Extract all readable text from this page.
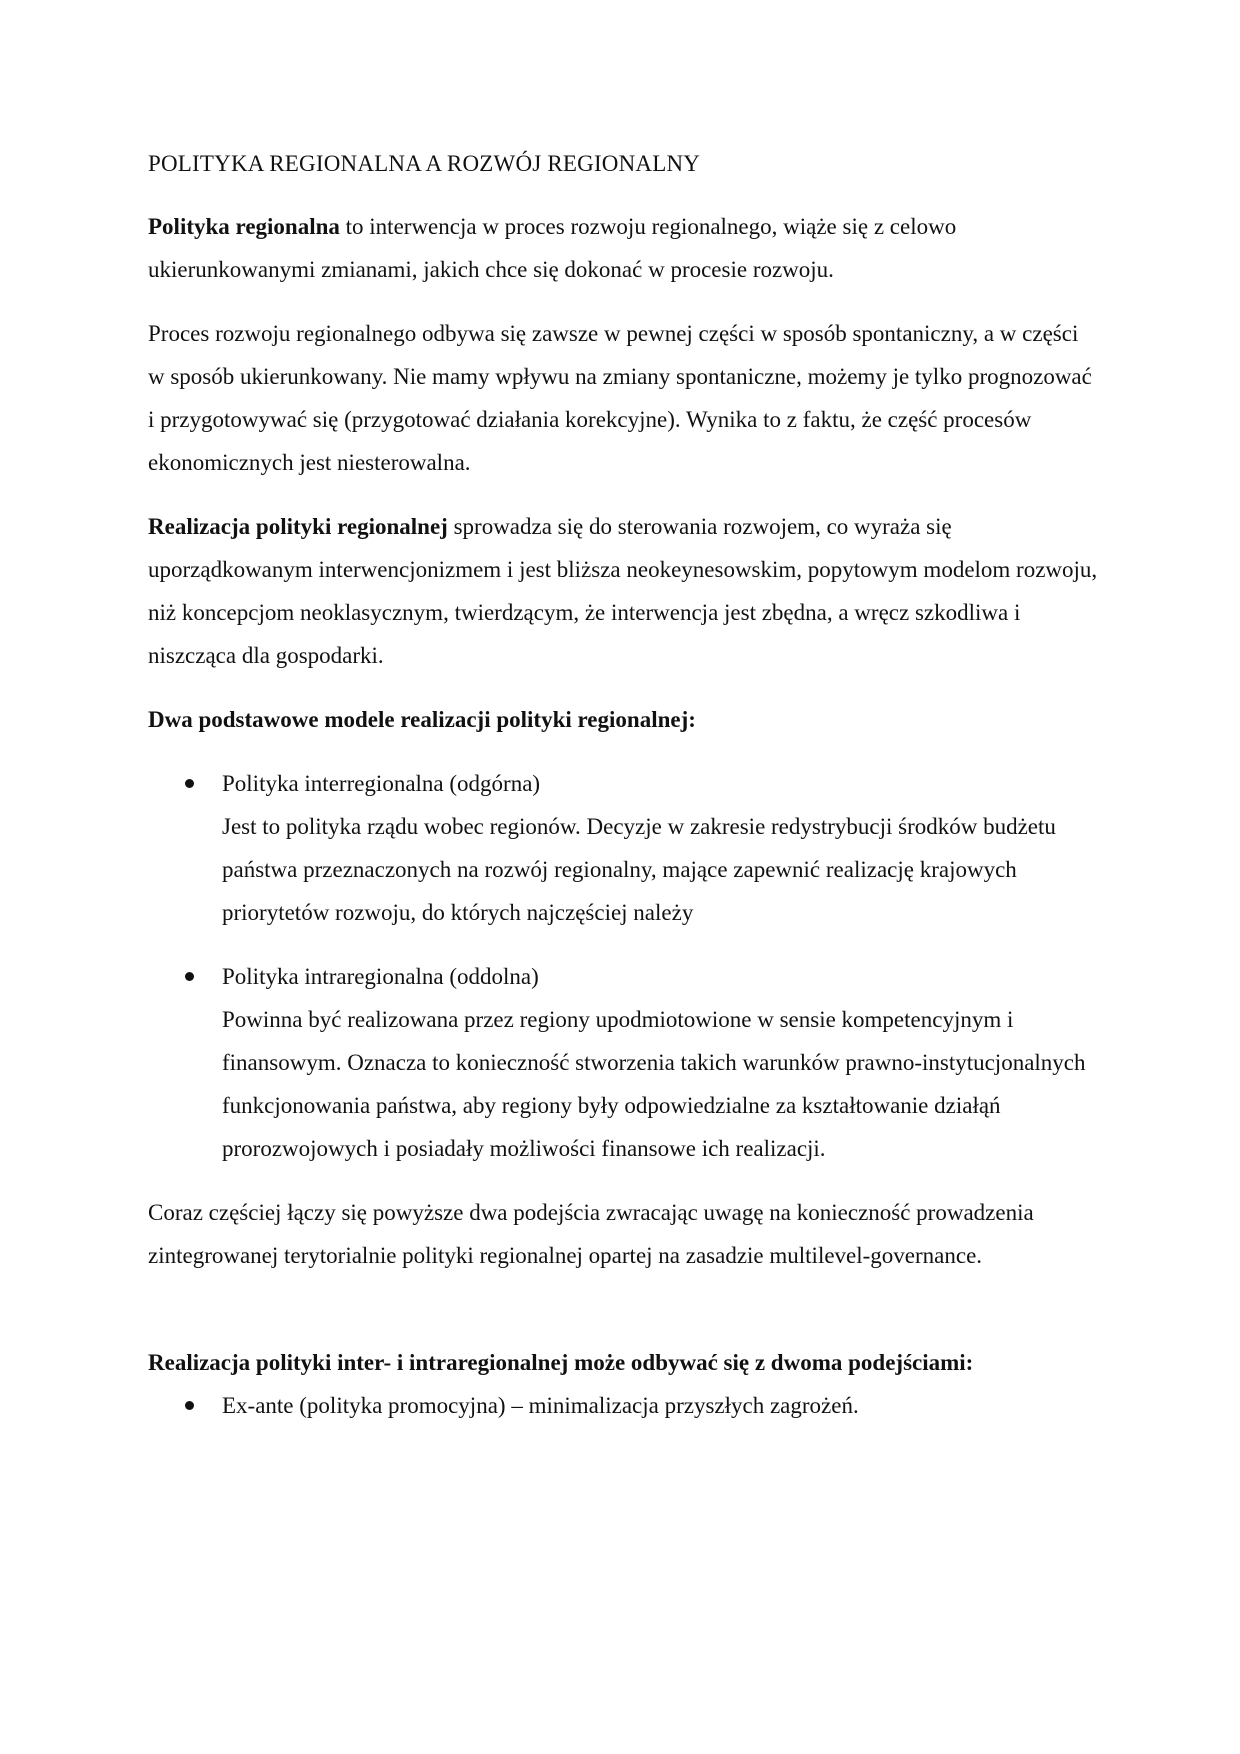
POLITYKA REGIONALNA A ROZWÓJ REGIONALNY

Polityka regionalna to interwencja w proces rozwoju regionalnego, wiąże się z celowo ukierunkowanymi zmianami, jakich chce się dokonać w procesie rozwoju.

Proces rozwoju regionalnego odbywa się zawsze w pewnej części w sposób spontaniczny, a w części w sposób ukierunkowany. Nie mamy wpływu na zmiany spontaniczne, możemy je tylko prognozować i przygotowywać się (przygotować działania korekcyjne). Wynika to z faktu, że część procesów ekonomicznych jest niesterowalna.

Realizacja polityki regionalnej sprowadza się do sterowania rozwojem, co wyraża się uporządkowanym interwencjonizmem i jest bliższa neokeynesowskim, popytowym modelom rozwoju, niż koncepcjom neoklasycznym, twierdzącym, że interwencja jest zbędna, a wręcz szkodliwa i niszcząca dla gospodarki.

Dwa podstawowe modele realizacji polityki regionalnej:

Polityka interregionalna (odgórna)
Jest to polityka rządu wobec regionów. Decyzje w zakresie redystrybucji środków budżetu państwa przeznaczonych na rozwój regionalny, mające zapewnić realizację krajowych priorytetów rozwoju, do których najczęściej należy
Polityka intraregionalna (oddolna)
Powinna być realizowana przez regiony upodmiotowione w sensie kompetencyjnym i finansowym. Oznacza to konieczność stworzenia takich warunków prawno-instytucjonalnych funkcjonowania państwa, aby regiony były odpowiedzialne za kształtowanie działąń prorozwojowych i posiadały możliwości finansowe ich realizacji.

Coraz częściej łączy się powyższe dwa podejścia zwracając uwagę na konieczność prowadzenia zintegrowanej terytorialnie polityki regionalnej opartej na zasadzie multilevel-governance.

Realizacja polityki inter- i intraregionalnej może odbywać się z dwoma podejściami:

Ex-ante (polityka promocyjna) – minimalizacja przyszłych zagrożeń.
